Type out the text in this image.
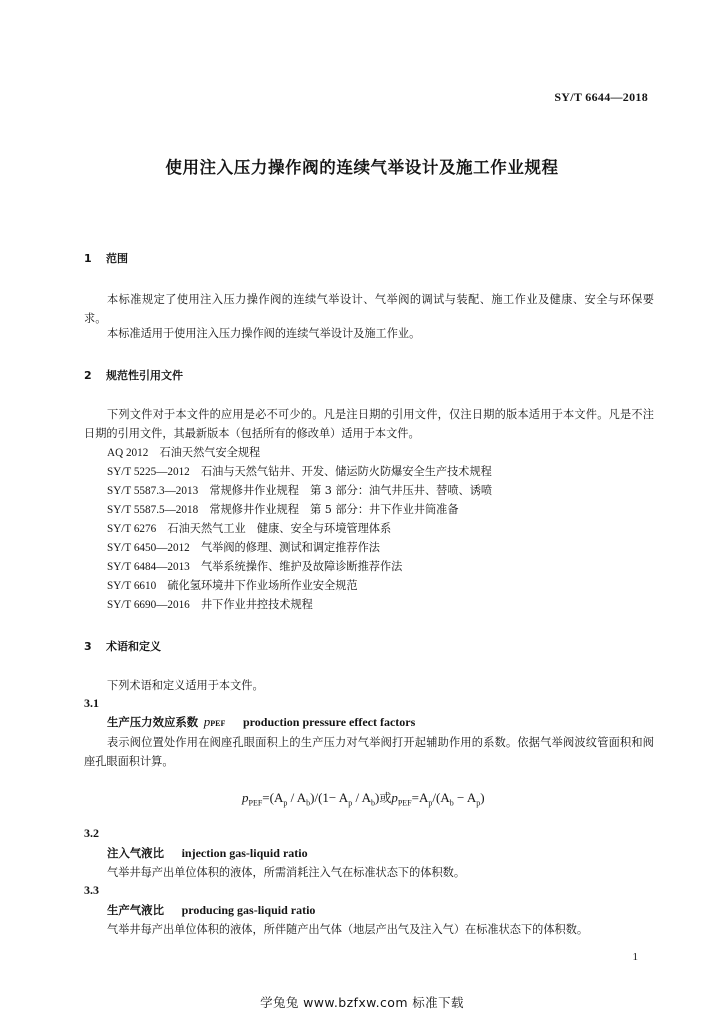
SY/T 6644—2018
使用注入压力操作阀的连续气举设计及施工作业规程
1 范围
本标准规定了使用注入压力操作阀的连续气举设计、气举阀的调试与装配、施工作业及健康、安全与环保要求。
本标准适用于使用注入压力操作阀的连续气举设计及施工作业。
2 规范性引用文件
下列文件对于本文件的应用是必不可少的。凡是注日期的引用文件，仅注日期的版本适用于本文件。凡是不注日期的引用文件，其最新版本（包括所有的修改单）适用于本文件。
AQ 2012　 石油天然气安全规程
SY/T 5225—2012　 石油与天然气钻井、开发、储运防火防爆安全生产技术规程
SY/T 5587.3—2013　 常规修井作业规程　第 3 部分：油气井压井、替喷、诱喷
SY/T 5587.5—2018　 常规修井作业规程　第 5 部分：井下作业井筒准备
SY/T 6276　 石油天然气工业　健康、安全与环境管理体系
SY/T 6450—2012　 气举阀的修理、测试和调定推荐作法
SY/T 6484—2013　 气举系统操作、维护及故障诊断推荐作法
SY/T 6610　 硫化氢环境井下作业场所作业安全规范
SY/T 6690—2016　 井下作业井控技术规程
3 术语和定义
下列术语和定义适用于本文件。
3.1
生产压力效应系数 pPEF production pressure effect factors
表示阀位置处作用在阀座孔眼面积上的生产压力对气举阀打开起辅助作用的系数。依据气举阀波纹管面积和阀座孔眼面积计算。
$p_{PEF}=(A_p / A_b)/(1- A_p / A_b)$或$p_{PEF}=A_p/(A_b - A_p)$
3.2
注入气液比 injection gas-liquid ratio
气举井每产出单位体积的液体，所需消耗注入气在标准状态下的体积数。
3.3
生产气液比 producing gas-liquid ratio
气举井每产出单位体积的液体，所伴随产出气体（地层产出气及注入气）在标准状态下的体积数。
1
学兔兔 www.bzfxw.com 标准下载
